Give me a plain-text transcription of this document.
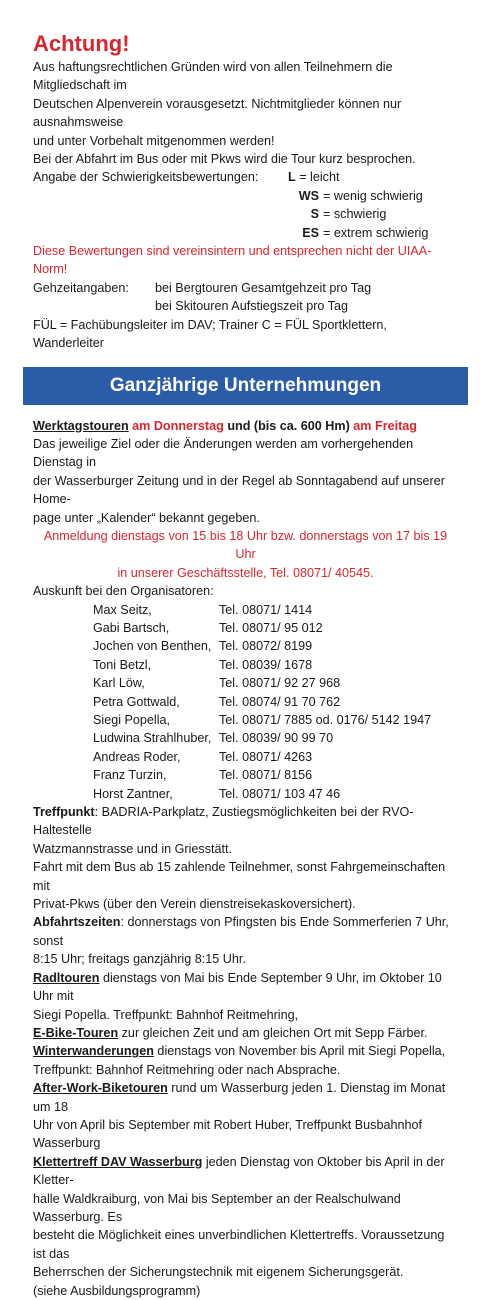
Achtung!

Aus haftungsrechtlichen Gründen wird von allen Teilnehmern die Mitgliedschaft im

Deutschen Alpenverein vorausgesetzt. Nichtmitglieder können nur ausnahmsweise

und unter Vorbehalt mitgenommen werden!

Bei der Abfahrt im Bus oder mit Pkws wird die Tour kurz besprochen.

Angabe der Schwierigkeitsbewertungen:	L = leicht
WS = wenig schwierig
S = schwierig
ES = extrem schwierig

Diese Bewertungen sind vereinsintern und entsprechen nicht der UIAA-Norm!

Gehzeitangaben:	bei Bergtouren Gesamtgehzeit pro Tag
bei Skitouren Aufstiegszeit pro Tag

FÜL = Fachübungsleiter im DAV; Trainer C = FÜL Sportklettern, Wanderleiter

Ganzjährige Unternehmungen

Werktagstouren am Donnerstag und (bis ca. 600 Hm) am Freitag

Das jeweilige Ziel oder die Änderungen werden am vorhergehenden Dienstag in

der Wasserburger Zeitung und in der Regel ab Sonntagabend auf unserer Home-

page unter „Kalender“ bekannt gegeben.

Anmeldung dienstags von 15 bis 18 Uhr bzw. donnerstags von 17 bis 19 Uhr

in unserer Geschäftsstelle, Tel. 08071/ 40545.

Auskunft bei den Organisatoren:

Max Seitz,	Tel. 08071/ 1414
Gabi Bartsch,	Tel. 08071/ 95 012
Jochen von Benthen, Tel. 08072/ 8199
Toni Betzl,	Tel. 08039/ 1678
Karl Löw,	Tel. 08071/ 92 27 968
Petra Gottwald,	Tel. 08074/ 91 70 762
Siegi Popella,	Tel. 08071/ 7885 od. 0176/ 5142 1947
Ludwina Strahlhuber, Tel. 08039/ 90 99 70
Andreas Roder,	Tel. 08071/ 4263
Franz Turzin,	Tel. 08071/ 8156
Horst Zantner,	Tel. 08071/ 103 47 46

Treffpunkt: BADRIA-Parkplatz, Zustiegsmöglichkeiten bei der RVO-Haltestelle

Watzmannstrasse und in Griesstätt.

Fahrt mit dem Bus ab 15 zahlende Teilnehmer, sonst Fahrgemeinschaften mit

Privat-Pkws (über den Verein dienstreisekaskoversichert).

Abfahrtszeiten: donnerstags von Pfingsten bis Ende Sommerferien 7 Uhr, sonst

8:15 Uhr; freitags ganzjährig 8:15 Uhr.

Radltouren dienstags von Mai bis Ende September 9 Uhr, im Oktober 10 Uhr mit

Siegi Popella. Treffpunkt: Bahnhof Reitmehring,

E-Bike-Touren zur gleichen Zeit und am gleichen Ort mit Sepp Färber.

Winterwanderungen dienstags von November bis April mit Siegi Popella,

Treffpunkt: Bahnhof Reitmehring oder nach Absprache.

After-Work-Biketouren rund um Wasserburg jeden 1. Dienstag im Monat um 18

Uhr von April bis September mit Robert Huber, Treffpunkt Busbahnhof Wasserburg

Klettertreff DAV Wasserburg jeden Dienstag von Oktober bis April in der Kletter-

halle Waldkraiburg, von Mai bis September an der Realschulwand Wasserburg. Es

besteht die Möglichkeit eines unverbindlichen Klettertreffs. Voraussetzung ist das

Beherrschen der Sicherungstechnik mit eigenem Sicherungsgerät.

(siehe Ausbildungsprogramm)
